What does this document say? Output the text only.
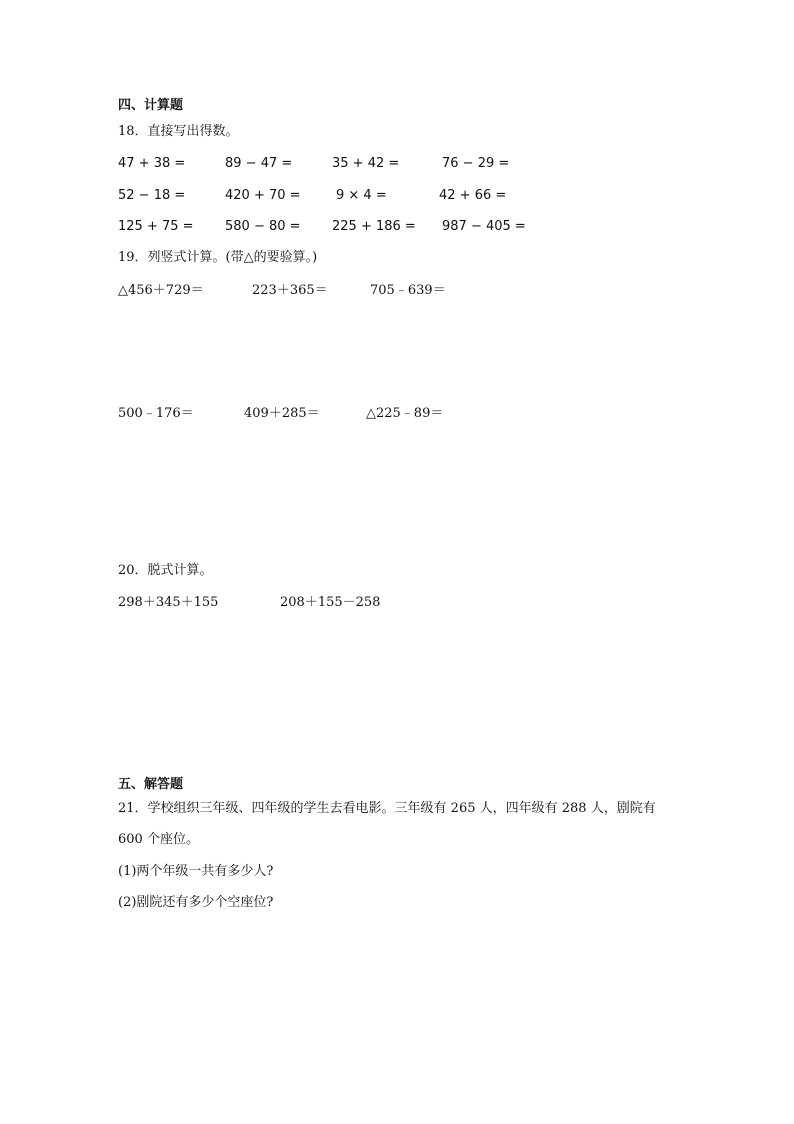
四、计算题
18．直接写出得数。
47 + 38 =	89 − 47 =	35 + 42 =	76 − 29 =
52 − 18 =	420 + 70 =	9 × 4 =	42 + 66 =
125 + 75 = 580 − 80 = 225 + 186 = 987 − 405 =
19．列竖式计算。(带△的要验算。)
△456＋729＝	223＋365＝	705﹣639＝
500﹣176＝	409＋285＝	△225﹣89＝
20．脱式计算。
298＋345＋155	208＋155－258
五、解答题
21．学校组织三年级、四年级的学生去看电影。三年级有 265 人，四年级有 288 人，剧院有
600 个座位。
(1)两个年级一共有多少人?
(2)剧院还有多少个空座位?
